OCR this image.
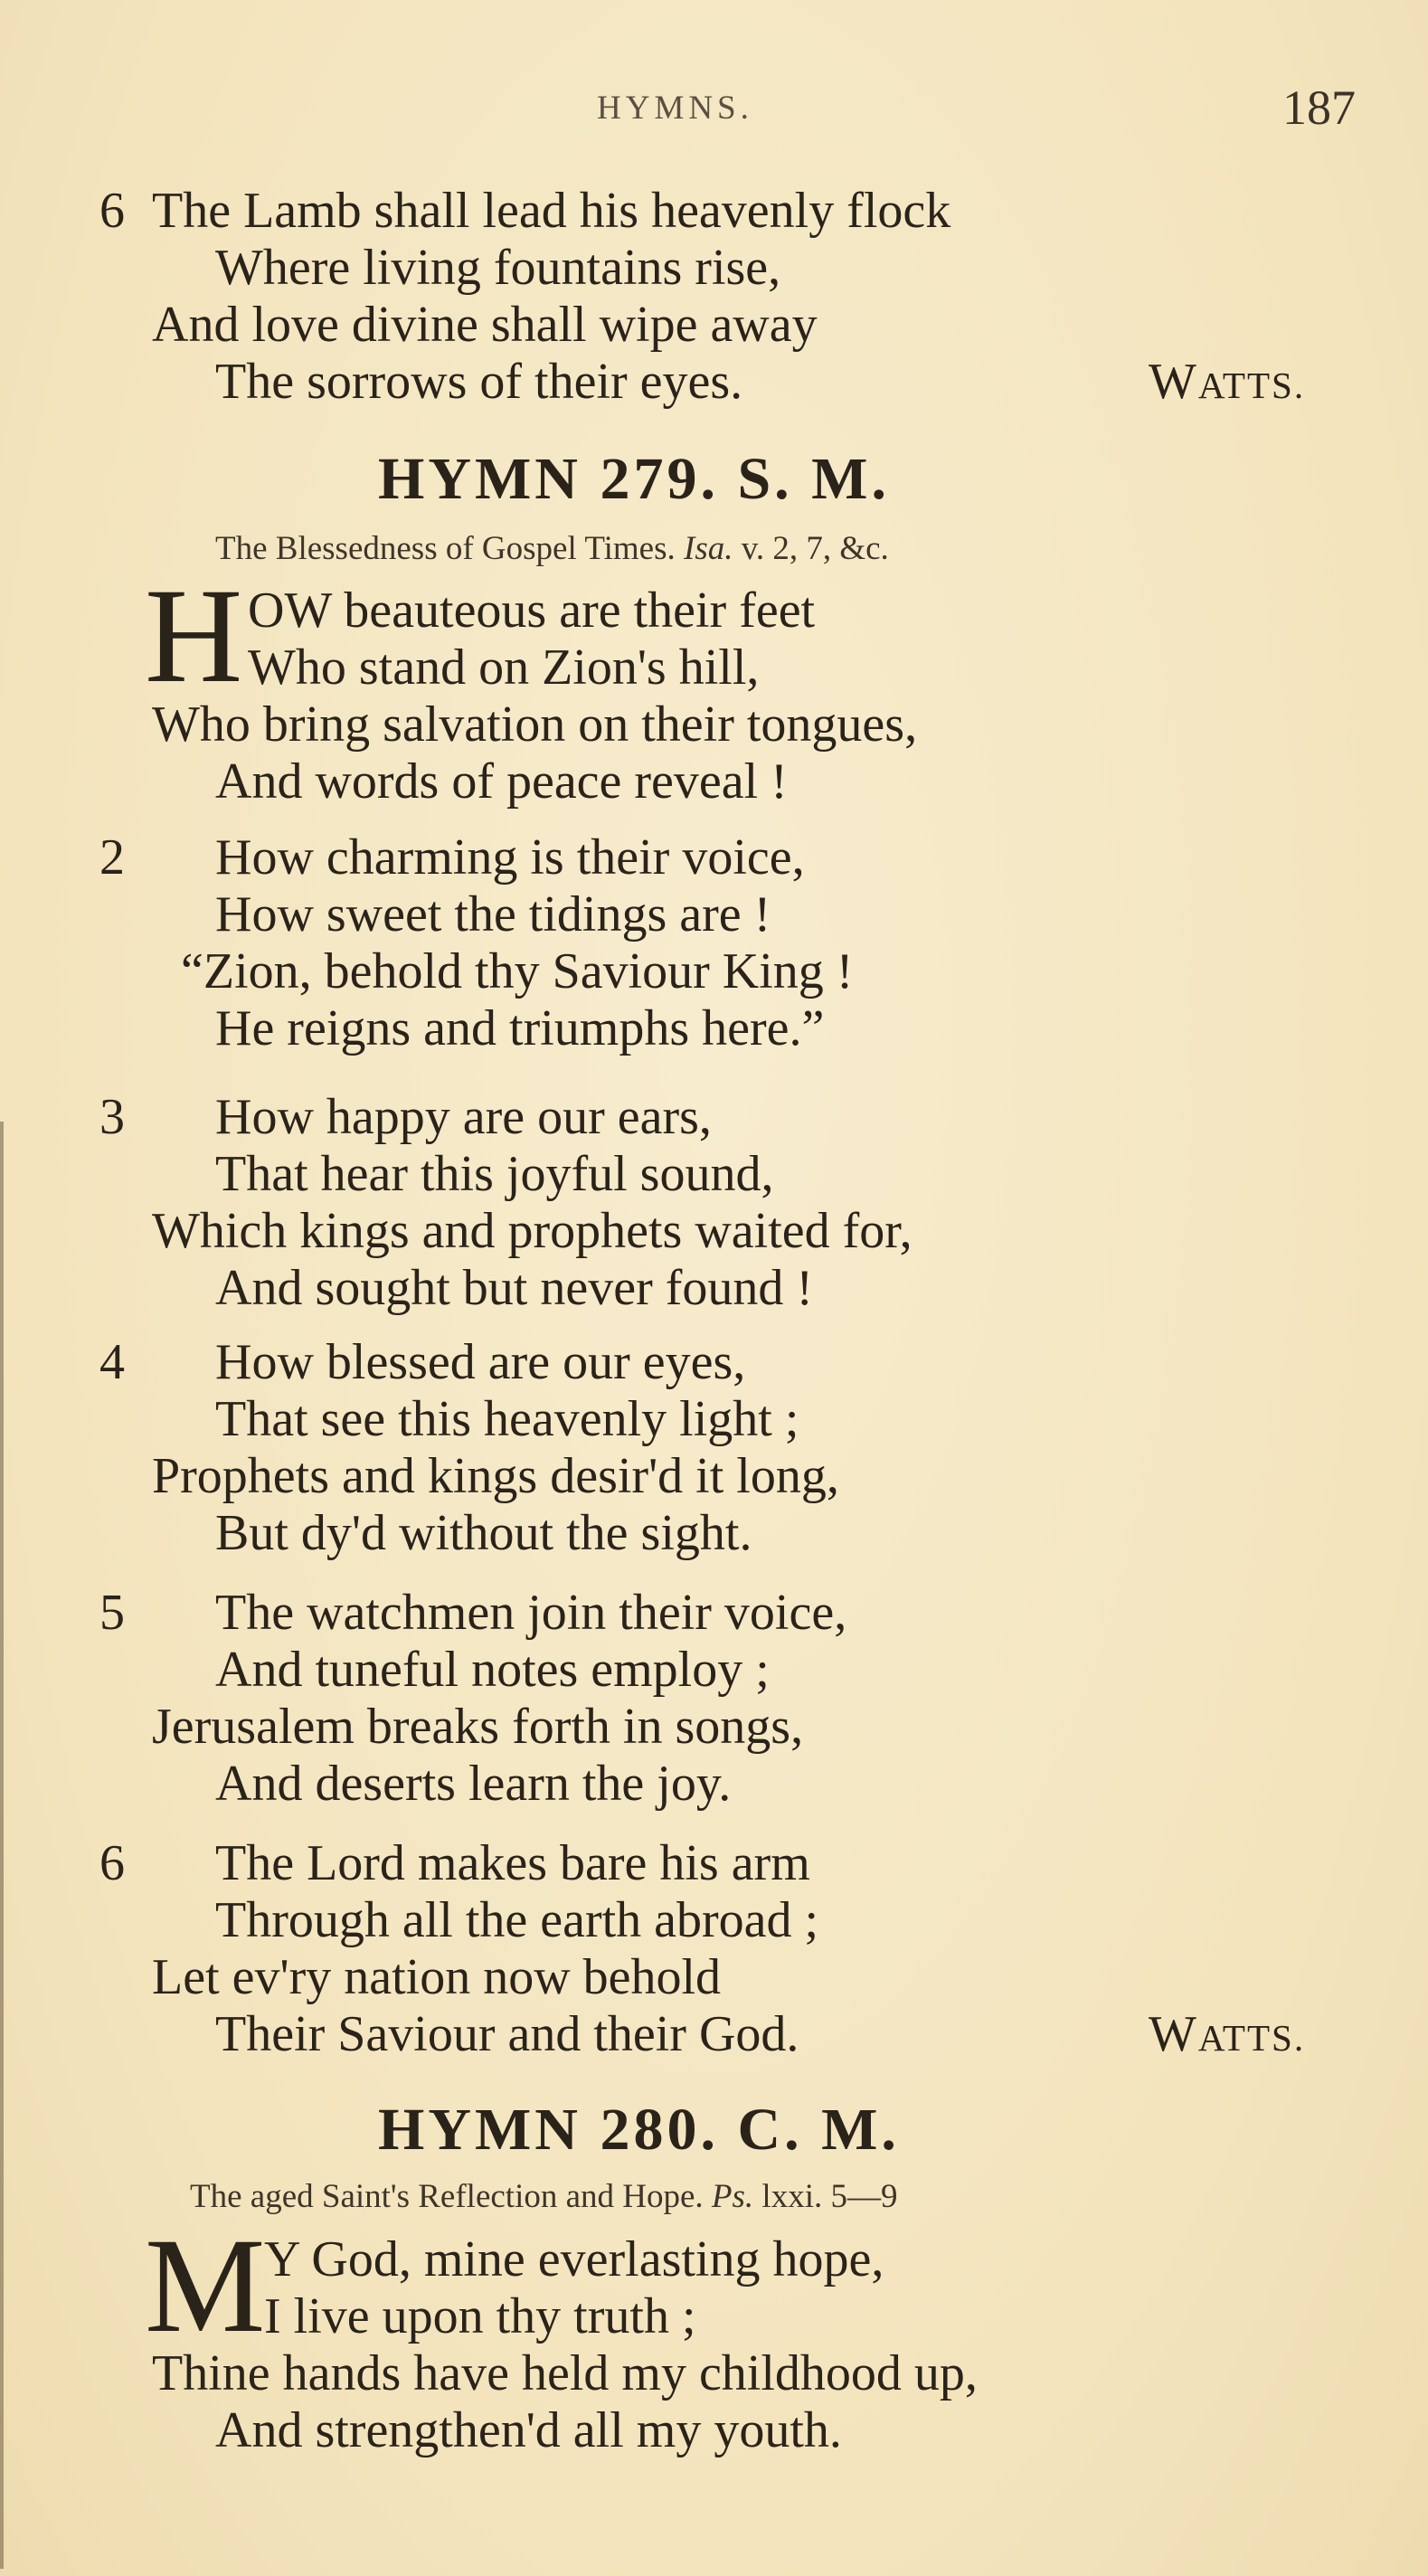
HYMNS.	187
6 The Lamb shall lead his heavenly flock
Where living fountains rise,
And love divine shall wipe away
The sorrows of their eyes.	WATTS.
HYMN 279. S. M.
The Blessedness of Gospel Times. Isa. v. 2, 7, &c.
H OW beauteous are their feet
Who stand on Zion's hill,
Who bring salvation on their tongues,
And words of peace reveal !
2 How charming is their voice,
How sweet the tidings are !
“Zion, behold thy Saviour King !
He reigns and triumphs here.”
3 How happy are our ears,
That hear this joyful sound,
Which kings and prophets waited for,
And sought but never found !
4 How blessed are our eyes,
That see this heavenly light ;
Prophets and kings desir'd it long,
But dy'd without the sight.
5 The watchmen join their voice,
And tuneful notes employ ;
Jerusalem breaks forth in songs,
And deserts learn the joy.
6 The Lord makes bare his arm
Through all the earth abroad ;
Let ev'ry nation now behold
Their Saviour and their God.	WATTS.
HYMN 280. C. M.
The aged Saint's Reflection and Hope. Ps. lxxi. 5—9
M
Y God, mine everlasting hope,
I live upon thy truth ;
Thine hands have held my childhood up,
And strengthen'd all my youth.
